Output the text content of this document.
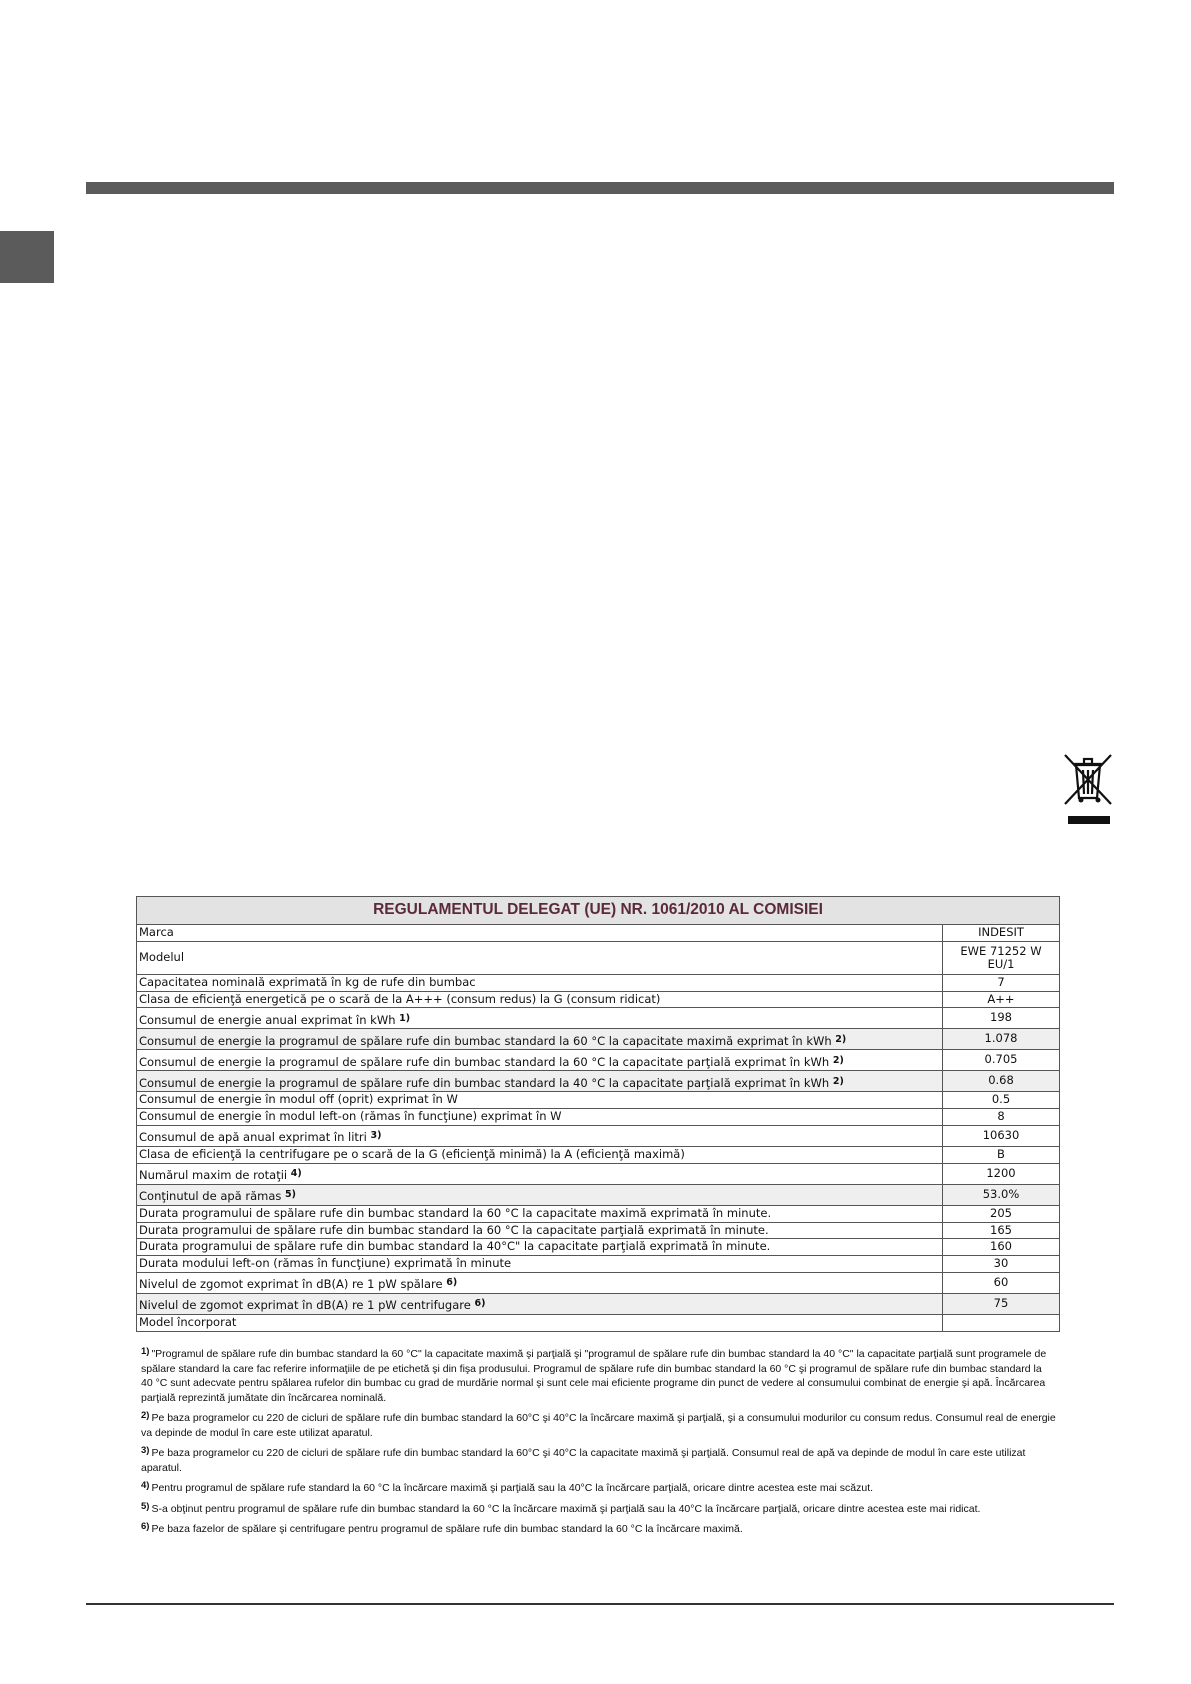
REGULAMENTUL DELEGAT (UE) NR. 1061/2010 AL COMISIEI	
Marca	INDESIT
Modelul	EWE 71252 W EU/1
Capacitatea nominală exprimată în kg de rufe din bumbac	7
Clasa de eficienţă energetică pe o scară de la A+++ (consum redus) la G (consum ridicat)	A++
Consumul de energie anual exprimat în kWh $^{1)}$	198
Consumul de energie la programul de spălare rufe din bumbac standard la 60 °C la capacitate maximă exprimat în kWh $^{2)}$	1.078
Consumul de energie la programul de spălare rufe din bumbac standard la 60 °C la capacitate parţială exprimat în kWh $^{2)}$	0.705
Consumul de energie la programul de spălare rufe din bumbac standard la 40 °C la capacitate parţială exprimat în kWh $^{2)}$	0.68
Consumul de energie în modul off (oprit) exprimat în W	0.5
Consumul de energie în modul left-on (rămas în funcţiune) exprimat în W	8
Consumul de apă anual exprimat în litri $^{3)}$	10630
Clasa de eficienţă la centrifugare pe o scară de la G (eficienţă minimă) la A (eficienţă maximă)	B
Numărul maxim de rotaţii $^{4)}$	1200
Conţinutul de apă rămas $^{5)}$	53.0%
Durata programului de spălare rufe din bumbac standard la 60 °C la capacitate maximă exprimată în minute.	205
Durata programului de spălare rufe din bumbac standard la 60 °C la capacitate parţială exprimată în minute.	165
Durata programului de spălare rufe din bumbac standard la 40°C" la capacitate parţială exprimată în minute.	160
Durata modului left-on (rămas în funcţiune) exprimată în minute	30
Nivelul de zgomot exprimat în dB(A) re 1 pW spălare $^{6)}$	60
Nivelul de zgomot exprimat în dB(A) re 1 pW centrifugare $^{6)}$	75
Model încorporat	

$^{1)}$ "Programul de spălare rufe din bumbac standard la 60 °C" la capacitate maximă şi parţială şi "programul de spălare rufe din bumbac standard la 40 °C" la capacitate parţială sunt programele de spălare standard la care fac referire informaţiile de pe etichetă şi din fişa produsului. Programul de spălare rufe din bumbac standard la 60 °C şi programul de spălare rufe din bumbac standard la 40 °C sunt adecvate pentru spălarea rufelor din bumbac cu grad de murdărie normal şi sunt cele mai eficiente programe din punct de vedere al consumului combinat de energie şi apă. Încărcarea parţială reprezintă jumătate din încărcarea nominală.

$^{2)}$ Pe baza programelor cu 220 de cicluri de spălare rufe din bumbac standard la 60°C şi 40°C la încărcare maximă şi parţială, şi a consumului modurilor cu consum redus. Consumul real de energie va depinde de modul în care este utilizat aparatul.

$^{3)}$ Pe baza programelor cu 220 de cicluri de spălare rufe din bumbac standard la 60°C şi 40°C la capacitate maximă şi parţială. Consumul real de apă va depinde de modul în care este utilizat aparatul.

$^{4)}$ Pentru programul de spălare rufe standard la 60 °C la încărcare maximă şi parţială sau la 40°C la încărcare parţială, oricare dintre acestea este mai scăzut.

$^{5)}$ S-a obţinut pentru programul de spălare rufe din bumbac standard la 60 °C la încărcare maximă şi parţială sau la 40°C la încărcare parţială, oricare dintre acestea este mai ridicat.

$^{6)}$ Pe baza fazelor de spălare şi centrifugare pentru programul de spălare rufe din bumbac standard la 60 °C la încărcare maximă.
